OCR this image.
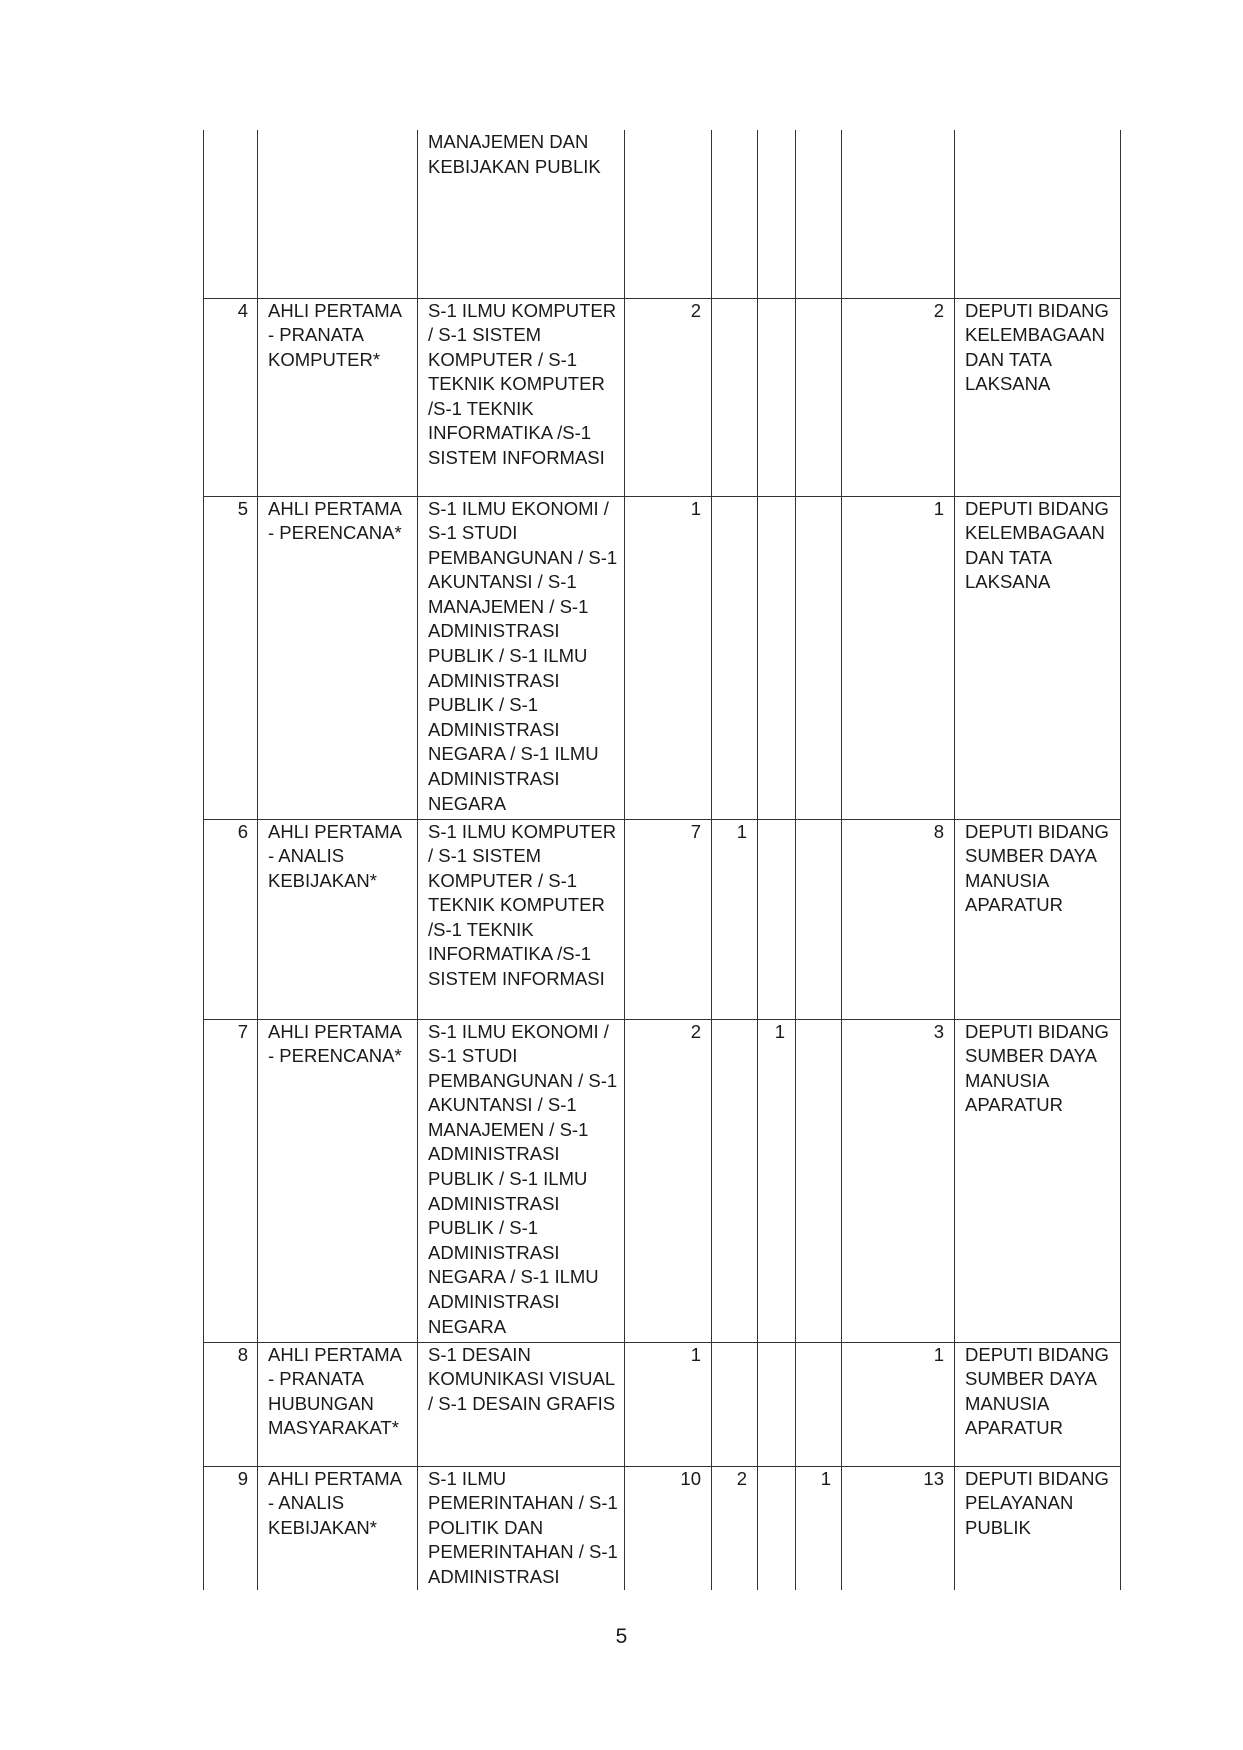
		MANAJEMEN DAN KEBIJAKAN PUBLIK						
4	AHLI PERTAMA - PRANATA KOMPUTER*	S-1 ILMU KOMPUTER / S-1 SISTEM KOMPUTER / S-1 TEKNIK KOMPUTER /S-1 TEKNIK INFORMATIKA /S-1 SISTEM INFORMASI	2				2	DEPUTI BIDANG KELEMBAGAAN DAN TATA LAKSANA
5	AHLI PERTAMA - PERENCANA*	S-1 ILMU EKONOMI / S-1 STUDI PEMBANGUNAN / S-1 AKUNTANSI / S-1 MANAJEMEN / S-1 ADMINISTRASI PUBLIK / S-1 ILMU ADMINISTRASI PUBLIK / S-1 ADMINISTRASI NEGARA / S-1 ILMU ADMINISTRASI NEGARA	1				1	DEPUTI BIDANG KELEMBAGAAN DAN TATA LAKSANA
6	AHLI PERTAMA - ANALIS KEBIJAKAN*	S-1 ILMU KOMPUTER / S-1 SISTEM KOMPUTER / S-1 TEKNIK KOMPUTER /S-1 TEKNIK INFORMATIKA /S-1 SISTEM INFORMASI	7	1			8	DEPUTI BIDANG SUMBER DAYA MANUSIA APARATUR
7	AHLI PERTAMA - PERENCANA*	S-1 ILMU EKONOMI / S-1 STUDI PEMBANGUNAN / S-1 AKUNTANSI / S-1 MANAJEMEN / S-1 ADMINISTRASI PUBLIK / S-1 ILMU ADMINISTRASI PUBLIK / S-1 ADMINISTRASI NEGARA / S-1 ILMU ADMINISTRASI NEGARA	2		1		3	DEPUTI BIDANG SUMBER DAYA MANUSIA APARATUR
8	AHLI PERTAMA - PRANATA HUBUNGAN MASYARAKAT*	S-1 DESAIN KOMUNIKASI VISUAL / S-1 DESAIN GRAFIS	1				1	DEPUTI BIDANG SUMBER DAYA MANUSIA APARATUR
9	AHLI PERTAMA - ANALIS KEBIJAKAN*	S-1 ILMU PEMERINTAHAN / S-1 POLITIK DAN PEMERINTAHAN / S-1 ADMINISTRASI	10	2		1	13	DEPUTI BIDANG PELAYANAN PUBLIK
5
